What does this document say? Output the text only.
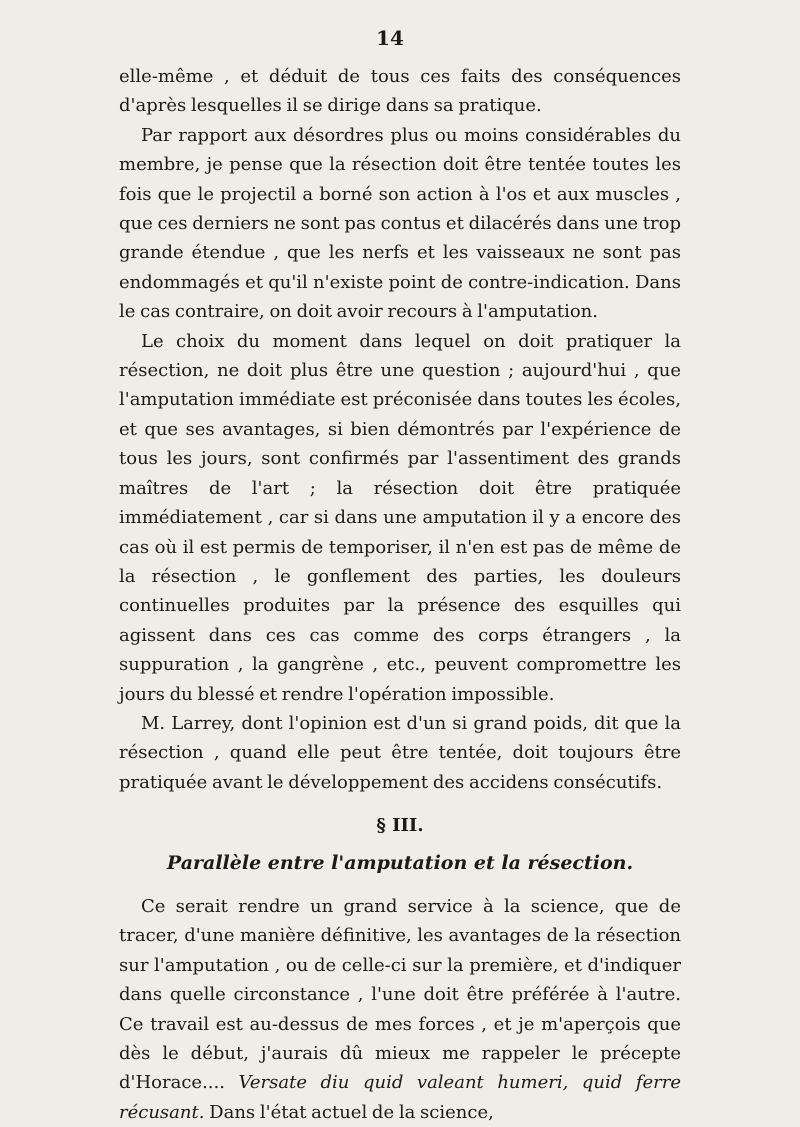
14

elle-même , et déduit de tous ces faits des conséquences d'après lesquelles il se dirige dans sa pratique.

Par rapport aux désordres plus ou moins considérables du membre, je pense que la résection doit être tentée toutes les fois que le projectil a borné son action à l'os et aux muscles , que ces derniers ne sont pas contus et dilacérés dans une trop grande étendue , que les nerfs et les vaisseaux ne sont pas endommagés et qu'il n'existe point de contre-indication. Dans le cas contraire, on doit avoir recours à l'amputation.

Le choix du moment dans lequel on doit pratiquer la résection, ne doit plus être une question ; aujourd'hui , que l'amputation immédiate est préconisée dans toutes les écoles, et que ses avantages, si bien démontrés par l'expérience de tous les jours, sont confirmés par l'assentiment des grands maîtres de l'art ; la résection doit être pratiquée immédiatement , car si dans une amputation il y a encore des cas où il est permis de temporiser, il n'en est pas de même de la résection , le gonflement des parties, les douleurs continuelles produites par la présence des esquilles qui agissent dans ces cas comme des corps étrangers , la suppuration , la gangrène , etc., peuvent compromettre les jours du blessé et rendre l'opération impossible.

M. Larrey, dont l'opinion est d'un si grand poids, dit que la résection , quand elle peut être tentée, doit toujours être pratiquée avant le développement des accidens consécutifs.

§ III.
Parallèle entre l'amputation et la résection.

Ce serait rendre un grand service à la science, que de tracer, d'une manière définitive, les avantages de la résection sur l'amputation , ou de celle-ci sur la première, et d'indiquer dans quelle circonstance , l'une doit être préférée à l'autre. Ce travail est au-dessus de mes forces , et je m'aperçois que dès le début, j'aurais dû mieux me rappeler le précepte d'Horace.... Versate diu quid valeant humeri, quid ferre récusant. Dans l'état actuel de la science,
